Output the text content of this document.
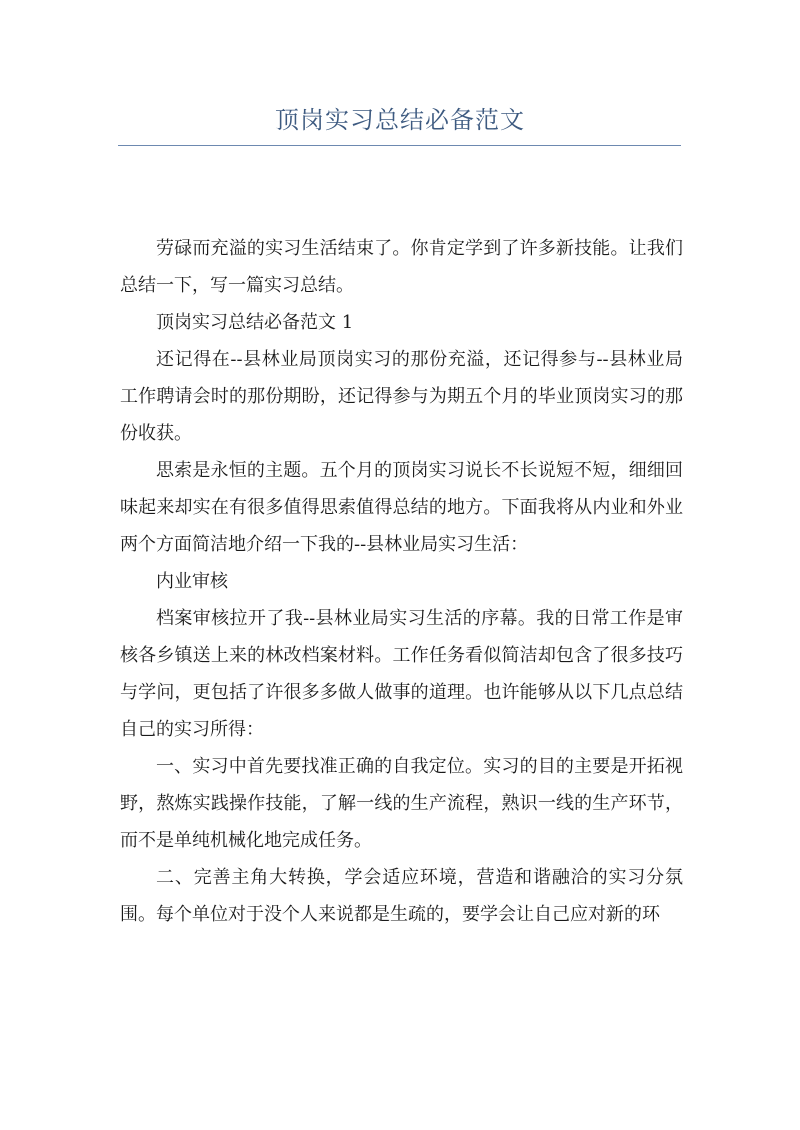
顶岗实习总结必备范文

劳碌而充溢的实习生活结束了。你肯定学到了许多新技能。让我们总结一下，写一篇实习总结。

顶岗实习总结必备范文 1

还记得在--县林业局顶岗实习的那份充溢，还记得参与--县林业局工作聘请会时的那份期盼，还记得参与为期五个月的毕业顶岗实习的那份收获。

思索是永恒的主题。五个月的顶岗实习说长不长说短不短，细细回味起来却实在有很多值得思索值得总结的地方。下面我将从内业和外业两个方面简洁地介绍一下我的--县林业局实习生活：

内业审核

档案审核拉开了我--县林业局实习生活的序幕。我的日常工作是审核各乡镇送上来的林改档案材料。工作任务看似简洁却包含了很多技巧与学问，更包括了许很多多做人做事的道理。也许能够从以下几点总结自己的实习所得：

一、实习中首先要找准正确的自我定位。实习的目的主要是开拓视野，熬炼实践操作技能，了解一线的生产流程，熟识一线的生产环节，而不是单纯机械化地完成任务。

二、完善主角大转换，学会适应环境，营造和谐融洽的实习分氛围。每个单位对于没个人来说都是生疏的，要学会让自己应对新的环
